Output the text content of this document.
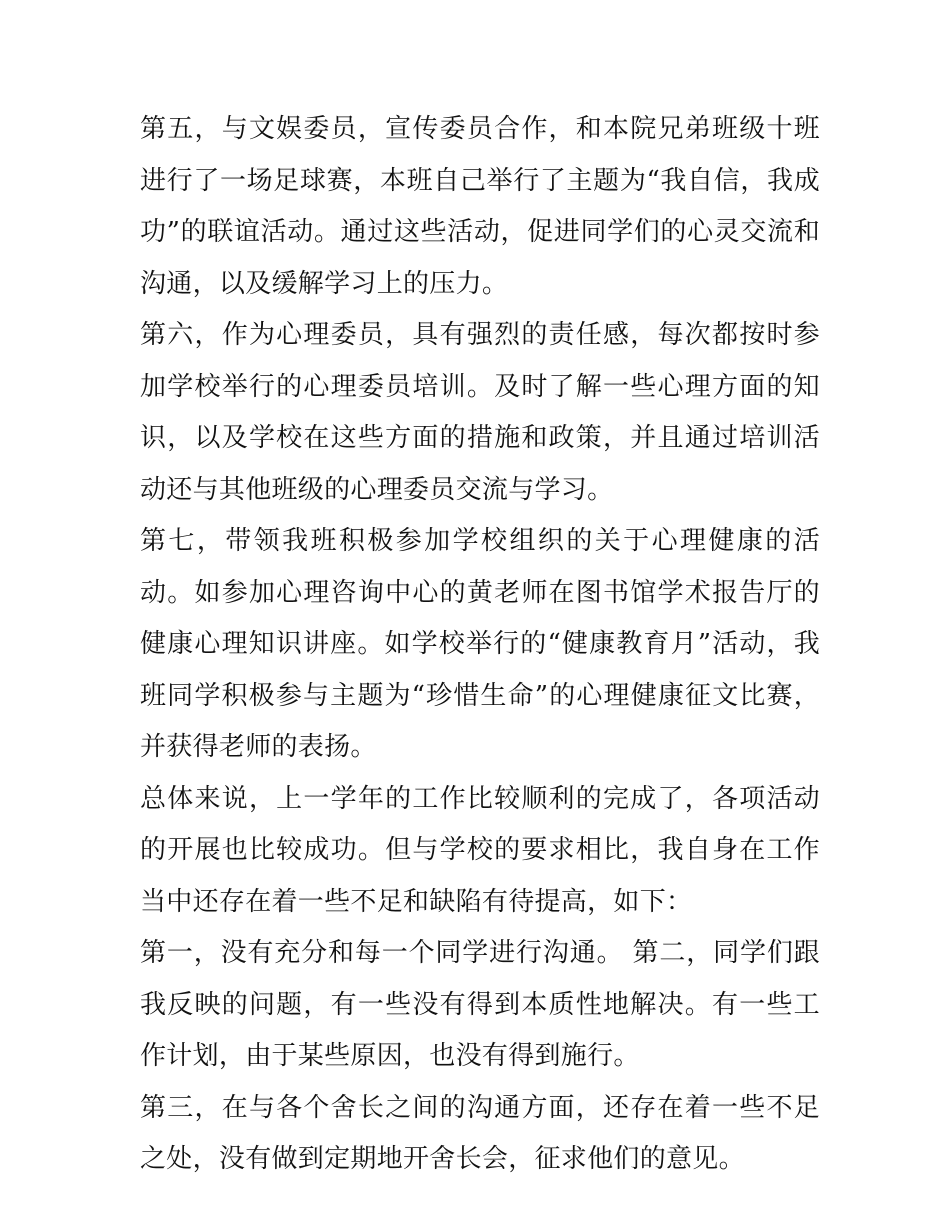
第五，与文娱委员，宣传委员合作，和本院兄弟班级十班进行了一场足球赛，本班自己举行了主题为“我自信，我成功”的联谊活动。通过这些活动，促进同学们的心灵交流和沟通，以及缓解学习上的压力。

第六，作为心理委员，具有强烈的责任感，每次都按时参加学校举行的心理委员培训。及时了解一些心理方面的知识，以及学校在这些方面的措施和政策，并且通过培训活动还与其他班级的心理委员交流与学习。

第七，带领我班积极参加学校组织的关于心理健康的活动。如参加心理咨询中心的黄老师在图书馆学术报告厅的健康心理知识讲座。如学校举行的“健康教育月”活动，我班同学积极参与主题为“珍惜生命”的心理健康征文比赛，并获得老师的表扬。

总体来说，上一学年的工作比较顺利的完成了，各项活动的开展也比较成功。但与学校的要求相比，我自身在工作当中还存在着一些不足和缺陷有待提高，如下：

第一，没有充分和每一个同学进行沟通。 第二，同学们跟我反映的问题，有一些没有得到本质性地解决。有一些工作计划，由于某些原因，也没有得到施行。

第三，在与各个舍长之间的沟通方面，还存在着一些不足之处，没有做到定期地开舍长会，征求他们的意见。
